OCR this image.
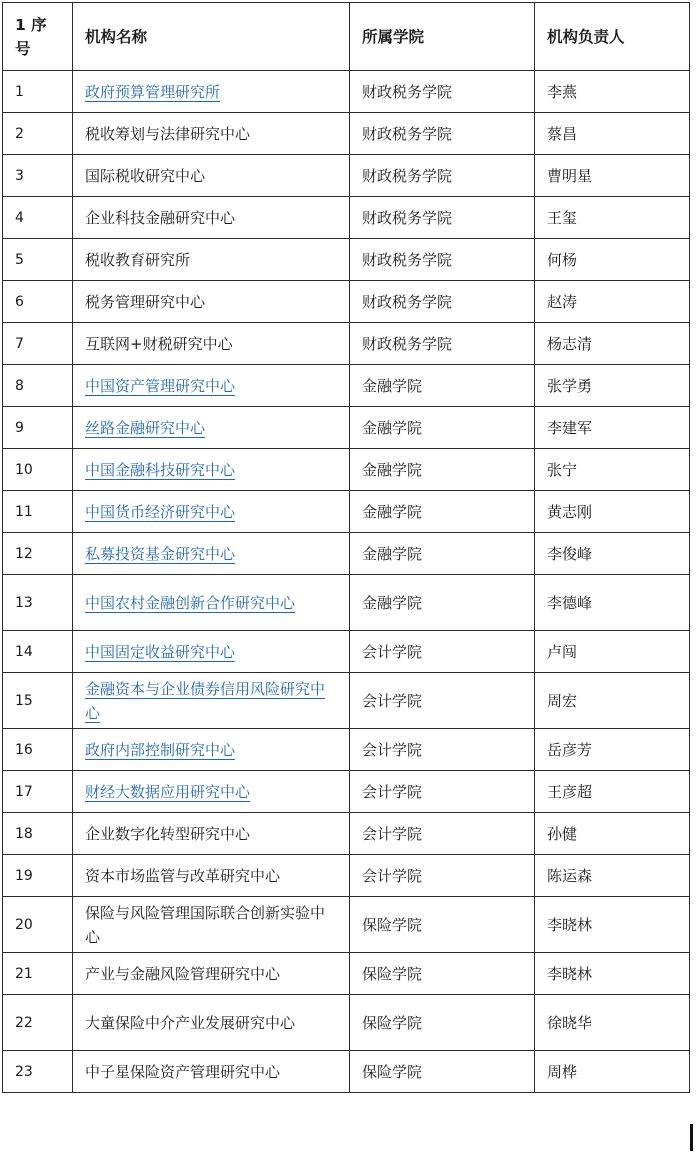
1 序号	机构名称	所属学院	机构负责人
1	政府预算管理研究所	财政税务学院	李燕
2	税收筹划与法律研究中心	财政税务学院	蔡昌
3	国际税收研究中心	财政税务学院	曹明星
4	企业科技金融研究中心	财政税务学院	王玺
5	税收教育研究所	财政税务学院	何杨
6	税务管理研究中心	财政税务学院	赵涛
7	互联网+财税研究中心	财政税务学院	杨志清
8	中国资产管理研究中心	金融学院	张学勇
9	丝路金融研究中心	金融学院	李建军
10	中国金融科技研究中心	金融学院	张宁
11	中国货币经济研究中心	金融学院	黄志刚
12	私募投资基金研究中心	金融学院	李俊峰
13	中国农村金融创新合作研究中心	金融学院	李德峰
14	中国固定收益研究中心	会计学院	卢闯
15	金融资本与企业债券信用风险研究中心	会计学院	周宏
16	政府内部控制研究中心	会计学院	岳彦芳
17	财经大数据应用研究中心	会计学院	王彦超
18	企业数字化转型研究中心	会计学院	孙健
19	资本市场监管与改革研究中心	会计学院	陈运森
20	保险与风险管理国际联合创新实验中心	保险学院	李晓林
21	产业与金融风险管理研究中心	保险学院	李晓林
22	大童保险中介产业发展研究中心	保险学院	徐晓华
23	中子星保险资产管理研究中心	保险学院	周桦
